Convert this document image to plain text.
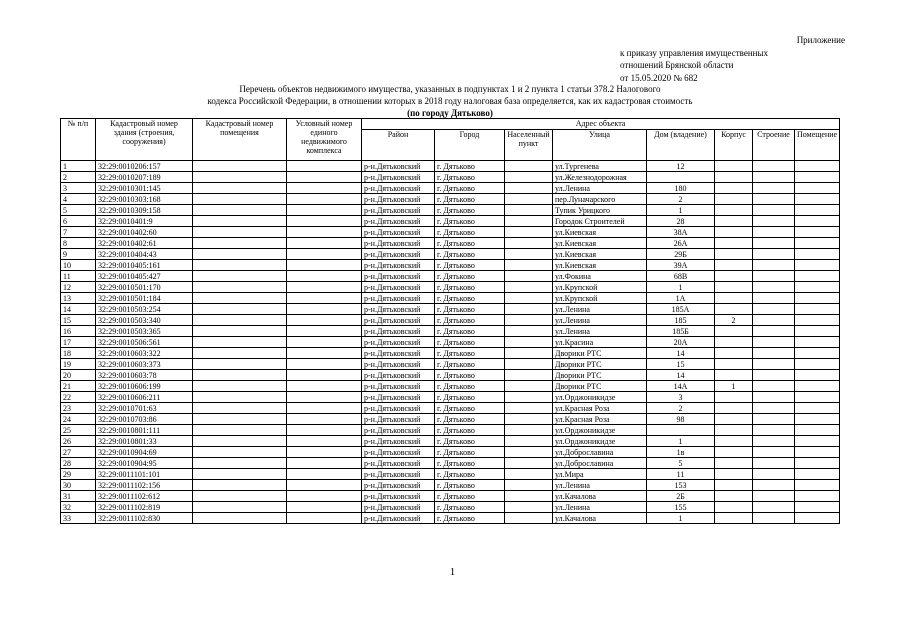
Приложение
к приказу управления имущественных
отношений Брянской области
от 15.05.2020 № 682
Перечень объектов недвижимого имущества, указанных в подпунктах 1 и 2 пункта 1 статьи 378.2 Налогового
кодекса Российской Федерации, в отношении которых в 2018 году налоговая база определяется, как их кадастровая стоимость
(по городу Дятьково)
№ п/п	Кадастровый номер здания (строения, сооружения)	Кадастровый номер помещения	Условный номер единого недвижимого комплекса	Адрес объекта							
				Район	Город	Населенный пункт	Улица	Дом (владение)	Корпус	Строение	Помещение
1	32:29:0010206:157			р-н.Дятьковский	г. Дятьково		ул.Тургенева	12			
2	32:29:0010207:189			р-н.Дятьковский	г. Дятьково		ул.Железнодорожная				
3	32:29:0010301:145			р-н.Дятьковский	г. Дятьково		ул.Ленина	180			
4	32:29:0010303:168			р-н.Дятьковский	г. Дятьково		пер.Луначарского	2			
5	32:29:0010309:158			р-н.Дятьковский	г. Дятьково		Тупик Урицкого	1			
6	32:29:0010401:9			р-н.Дятьковский	г. Дятьково		Городок Строителей	28			
7	32:29:0010402:60			р-н.Дятьковский	г. Дятьково		ул.Киевская	38А			
8	32:29:0010402:61			р-н.Дятьковский	г. Дятьково		ул.Киевская	26А			
9	32:29:0010404:43			р-н.Дятьковский	г. Дятьково		ул.Киевская	29Б			
10	32:29:0010405:161			р-н.Дятьковский	г. Дятьково		ул.Киевская	39А			
11	32:29:0010405:427			р-н.Дятьковский	г. Дятьково		ул.Фокина	68В			
12	32:29:0010501:170			р-н.Дятьковский	г. Дятьково		ул.Крупской	1			
13	32:29:0010501:184			р-н.Дятьковский	г. Дятьково		ул.Крупской	1А			
14	32:29:0010503:254			р-н.Дятьковский	г. Дятьково		ул.Ленина	185А			
15	32:29:0010503:340			р-н.Дятьковский	г. Дятьково		ул.Ленина	185	2		
16	32:29:0010503:365			р-н.Дятьковский	г. Дятьково		ул.Ленина	185Б			
17	32:29:0010506:561			р-н.Дятьковский	г. Дятьково		ул.Красина	20А			
18	32:29:0010603:322			р-н.Дятьковский	г. Дятьково		Дворики РТС	14			
19	32:29:0010603:373			р-н.Дятьковский	г. Дятьково		Дворики РТС	15			
20	32:29:0010603:78			р-н.Дятьковский	г. Дятьково		Дворики РТС	14			
21	32:29:0010606:199			р-н.Дятьковский	г. Дятьково		Дворики РТС	14А	1		
22	32:29:0010606:211			р-н.Дятьковский	г. Дятьково		ул.Орджоникидзе	3			
23	32:29:0010701:63			р-н.Дятьковский	г. Дятьково		ул.Красная Роза	2			
24	32:29:0010703:86			р-н.Дятьковский	г. Дятьково		ул.Красная Роза	98			
25	32:29:0010801:111			р-н.Дятьковский	г. Дятьково		ул.Орджоникидзе				
26	32:29:0010801:33			р-н.Дятьковский	г. Дятьково		ул.Орджоникидзе	1			
27	32:29:0010904:69			р-н.Дятьковский	г. Дятьково		ул.Доброславина	1в			
28	32:29:0010904:95			р-н.Дятьковский	г. Дятьково		ул.Доброславина	5			
29	32:29:0011101:101			р-н.Дятьковский	г. Дятьково		ул.Мира	11			
30	32:29:0011102:156			р-н.Дятьковский	г. Дятьково		ул.Ленина	153			
31	32:29:0011102:612			р-н.Дятьковский	г. Дятьково		ул.Качалова	2Б			
32	32:29:0011102:819			р-н.Дятьковский	г. Дятьково		ул.Ленина	155			
33	32:29:0011102:830			р-н.Дятьковский	г. Дятьково		ул.Качалова	1			
1
